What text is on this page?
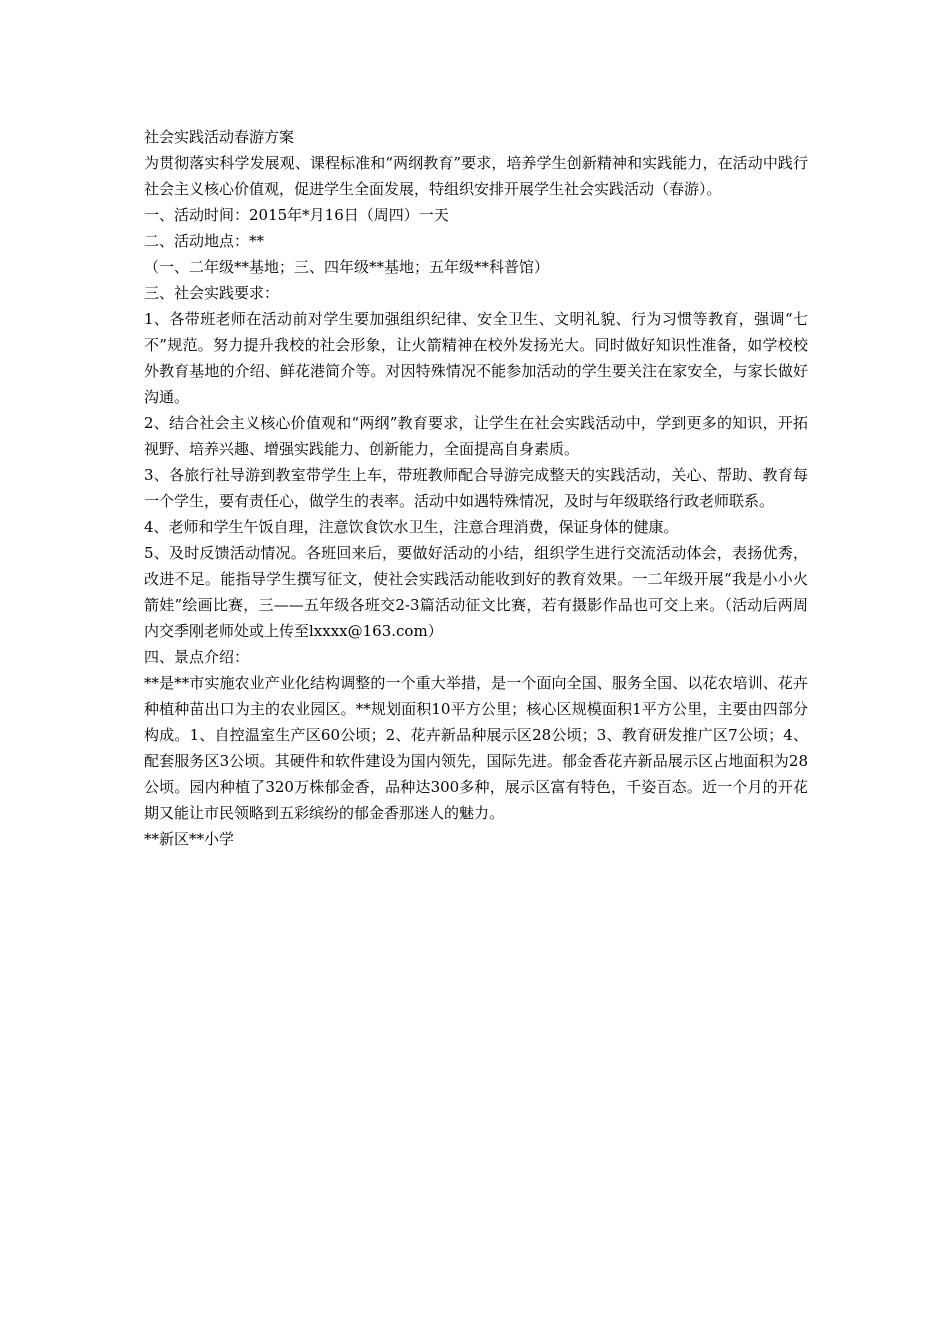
社会实践活动春游方案

为贯彻落实科学发展观、课程标准和“两纲教育”要求，培养学生创新精神和实践能力，在活动中践行社会主义核心价值观，促进学生全面发展，特组织安排开展学生社会实践活动（春游）。

一、活动时间：2015年*月16日（周四）一天

二、活动地点：**

（一、二年级**基地；三、四年级**基地；五年级**科普馆）

三、社会实践要求：

1、各带班老师在活动前对学生要加强组织纪律、安全卫生、文明礼貌、行为习惯等教育，强调“七不”规范。努力提升我校的社会形象，让火箭精神在校外发扬光大。同时做好知识性准备，如学校校外教育基地的介绍、鲜花港简介等。对因特殊情况不能参加活动的学生要关注在家安全，与家长做好沟通。

2、结合社会主义核心价值观和“两纲”教育要求，让学生在社会实践活动中，学到更多的知识，开拓视野、培养兴趣、增强实践能力、创新能力，全面提高自身素质。

3、各旅行社导游到教室带学生上车，带班教师配合导游完成整天的实践活动，关心、帮助、教育每一个学生，要有责任心，做学生的表率。活动中如遇特殊情况，及时与年级联络行政老师联系。

4、老师和学生午饭自理，注意饮食饮水卫生，注意合理消费，保证身体的健康。

5、及时反馈活动情况。各班回来后，要做好活动的小结，组织学生进行交流活动体会，表扬优秀，改进不足。能指导学生撰写征文，使社会实践活动能收到好的教育效果。一二年级开展“我是小小火箭娃”绘画比赛，三——五年级各班交2-3篇活动征文比赛，若有摄影作品也可交上来。（活动后两周内交季刚老师处或上传至lxxxx@163.com）

四、景点介绍：

**是**市实施农业产业化结构调整的一个重大举措，是一个面向全国、服务全国、以花农培训、花卉种植种苗出口为主的农业园区。**规划面积10平方公里；核心区规模面积1平方公里，主要由四部分构成。1、自控温室生产区60公顷；2、花卉新品种展示区28公顷；3、教育研发推广区7公顷；4、配套服务区3公顷。其硬件和软件建设为国内领先，国际先进。郁金香花卉新品展示区占地面积为28公顷。园内种植了320万株郁金香，品种达300多种，展示区富有特色，千姿百态。近一个月的开花期又能让市民领略到五彩缤纷的郁金香那迷人的魅力。

**新区**小学
